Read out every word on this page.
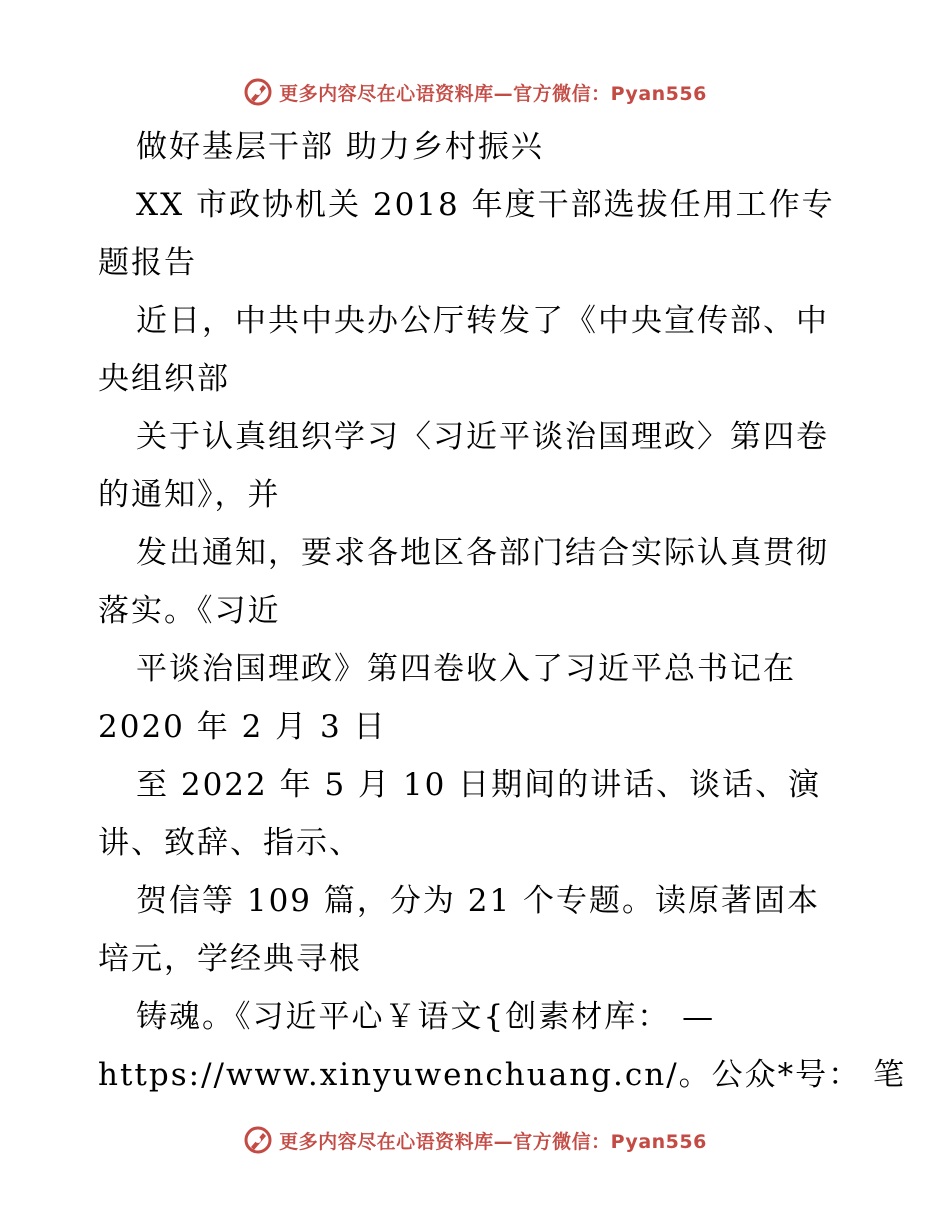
更多内容尽在心语资料库—官方微信：Pyan556
做好基层干部 助力乡村振兴
XX 市政协机关 2018 年度干部选拔任用工作专
题报告
近日，中共中央办公厅转发了《中央宣传部、中
央组织部
关于认真组织学习〈习近平谈治国理政〉第四卷
的通知》，并
发出通知，要求各地区各部门结合实际认真贯彻
落实。《习近
平谈治国理政》第四卷收入了习近平总书记在
2020 年 2 月 3 日
至 2022 年 5 月 10 日期间的讲话、谈话、演
讲、致辞、指示、
贺信等 109 篇，分为 21 个专题。读原著固本
培元，学经典寻根
铸魂。《习近平心￥语文{创素材库： —
https://www.xinyuwenchuang.cn/。公众*号： 笔
更多内容尽在心语资料库—官方微信：Pyan556
